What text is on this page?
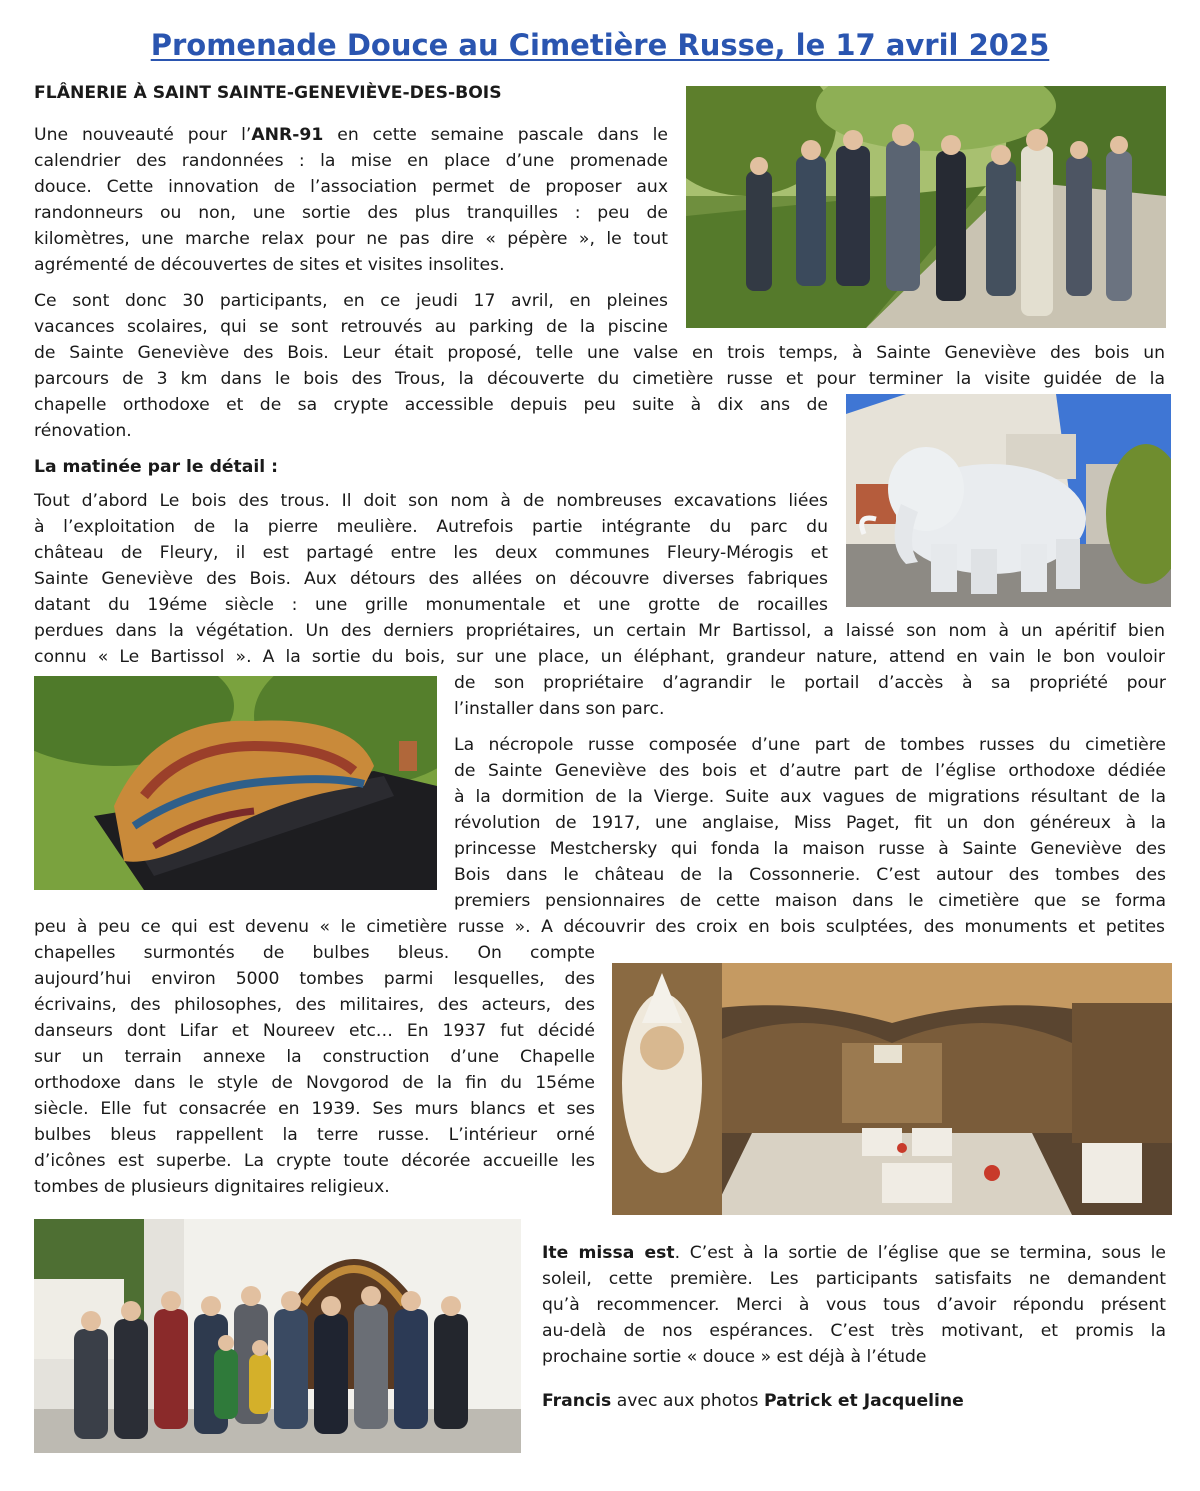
Promenade Douce au Cimetière Russe, le 17 avril 2025
FLÂNERIE À SAINT SAINTE-GENEVIÈVE-DES-BOIS
Une nouveauté pour l’ANR-91 en cette semaine pascale dans le
calendrier des randonnées : la mise en place d’une promenade
douce. Cette innovation de l’association permet de proposer aux
randonneurs ou non, une sortie des plus tranquilles : peu de
kilomètres, une marche relax pour ne pas dire « pépère », le tout
agrémenté de découvertes de sites et visites insolites.
Ce sont donc 30 participants, en ce jeudi 17 avril, en pleines
vacances scolaires, qui se sont retrouvés au parking de la piscine
de Sainte Geneviève des Bois. Leur était proposé, telle une valse en trois temps, à Sainte Geneviève des bois un
parcours de 3 km dans le bois des Trous, la découverte du cimetière russe et pour terminer la visite guidée de la
chapelle orthodoxe et de sa crypte accessible depuis peu suite à dix ans de
rénovation.
La matinée par le détail :
Tout d’abord Le bois des trous. Il doit son nom à de nombreuses excavations liées
à l’exploitation de la pierre meulière. Autrefois partie intégrante du parc du
château de Fleury, il est partagé entre les deux communes Fleury-Mérogis et
Sainte Geneviève des Bois. Aux détours des allées on découvre diverses fabriques
datant du 19éme siècle : une grille monumentale et une grotte de rocailles
perdues dans la végétation. Un des derniers propriétaires, un certain Mr Bartissol, a laissé son nom à un apéritif bien
connu « Le Bartissol ». A la sortie du bois, sur une place, un éléphant, grandeur nature, attend en vain le bon vouloir
de son propriétaire d’agrandir le portail d’accès à sa propriété pour
l’installer dans son parc.
La nécropole russe composée d’une part de tombes russes du cimetière
de Sainte Geneviève des bois et d’autre part de l’église orthodoxe dédiée
à la dormition de la Vierge. Suite aux vagues de migrations résultant de la
révolution de 1917, une anglaise, Miss Paget, fit un don généreux à la
princesse Mestchersky qui fonda la maison russe à Sainte Geneviève des
Bois dans le château de la Cossonnerie. C’est autour des tombes des
premiers pensionnaires de cette maison dans le cimetière que se forma
peu à peu ce qui est devenu « le cimetière russe ». A découvrir des croix en bois sculptées, des monuments et petites
chapelles surmontés de bulbes bleus. On compte
aujourd’hui environ 5000 tombes parmi lesquelles, des
écrivains, des philosophes, des militaires, des acteurs, des
danseurs dont Lifar et Noureev etc… En 1937 fut décidé
sur un terrain annexe la construction d’une Chapelle
orthodoxe dans le style de Novgorod de la fin du 15éme
siècle. Elle fut consacrée en 1939. Ses murs blancs et ses
bulbes bleus rappellent la terre russe. L’intérieur orné
d’icônes est superbe. La crypte toute décorée accueille les
tombes de plusieurs dignitaires religieux.
Ite missa est. C’est à la sortie de l’église que se termina, sous le
soleil, cette première. Les participants satisfaits ne demandent
qu’à recommencer. Merci à vous tous d’avoir répondu présent
au-delà de nos espérances. C’est très motivant, et promis la
prochaine sortie « douce » est déjà à l’étude
Francis avec aux photos Patrick et Jacqueline
